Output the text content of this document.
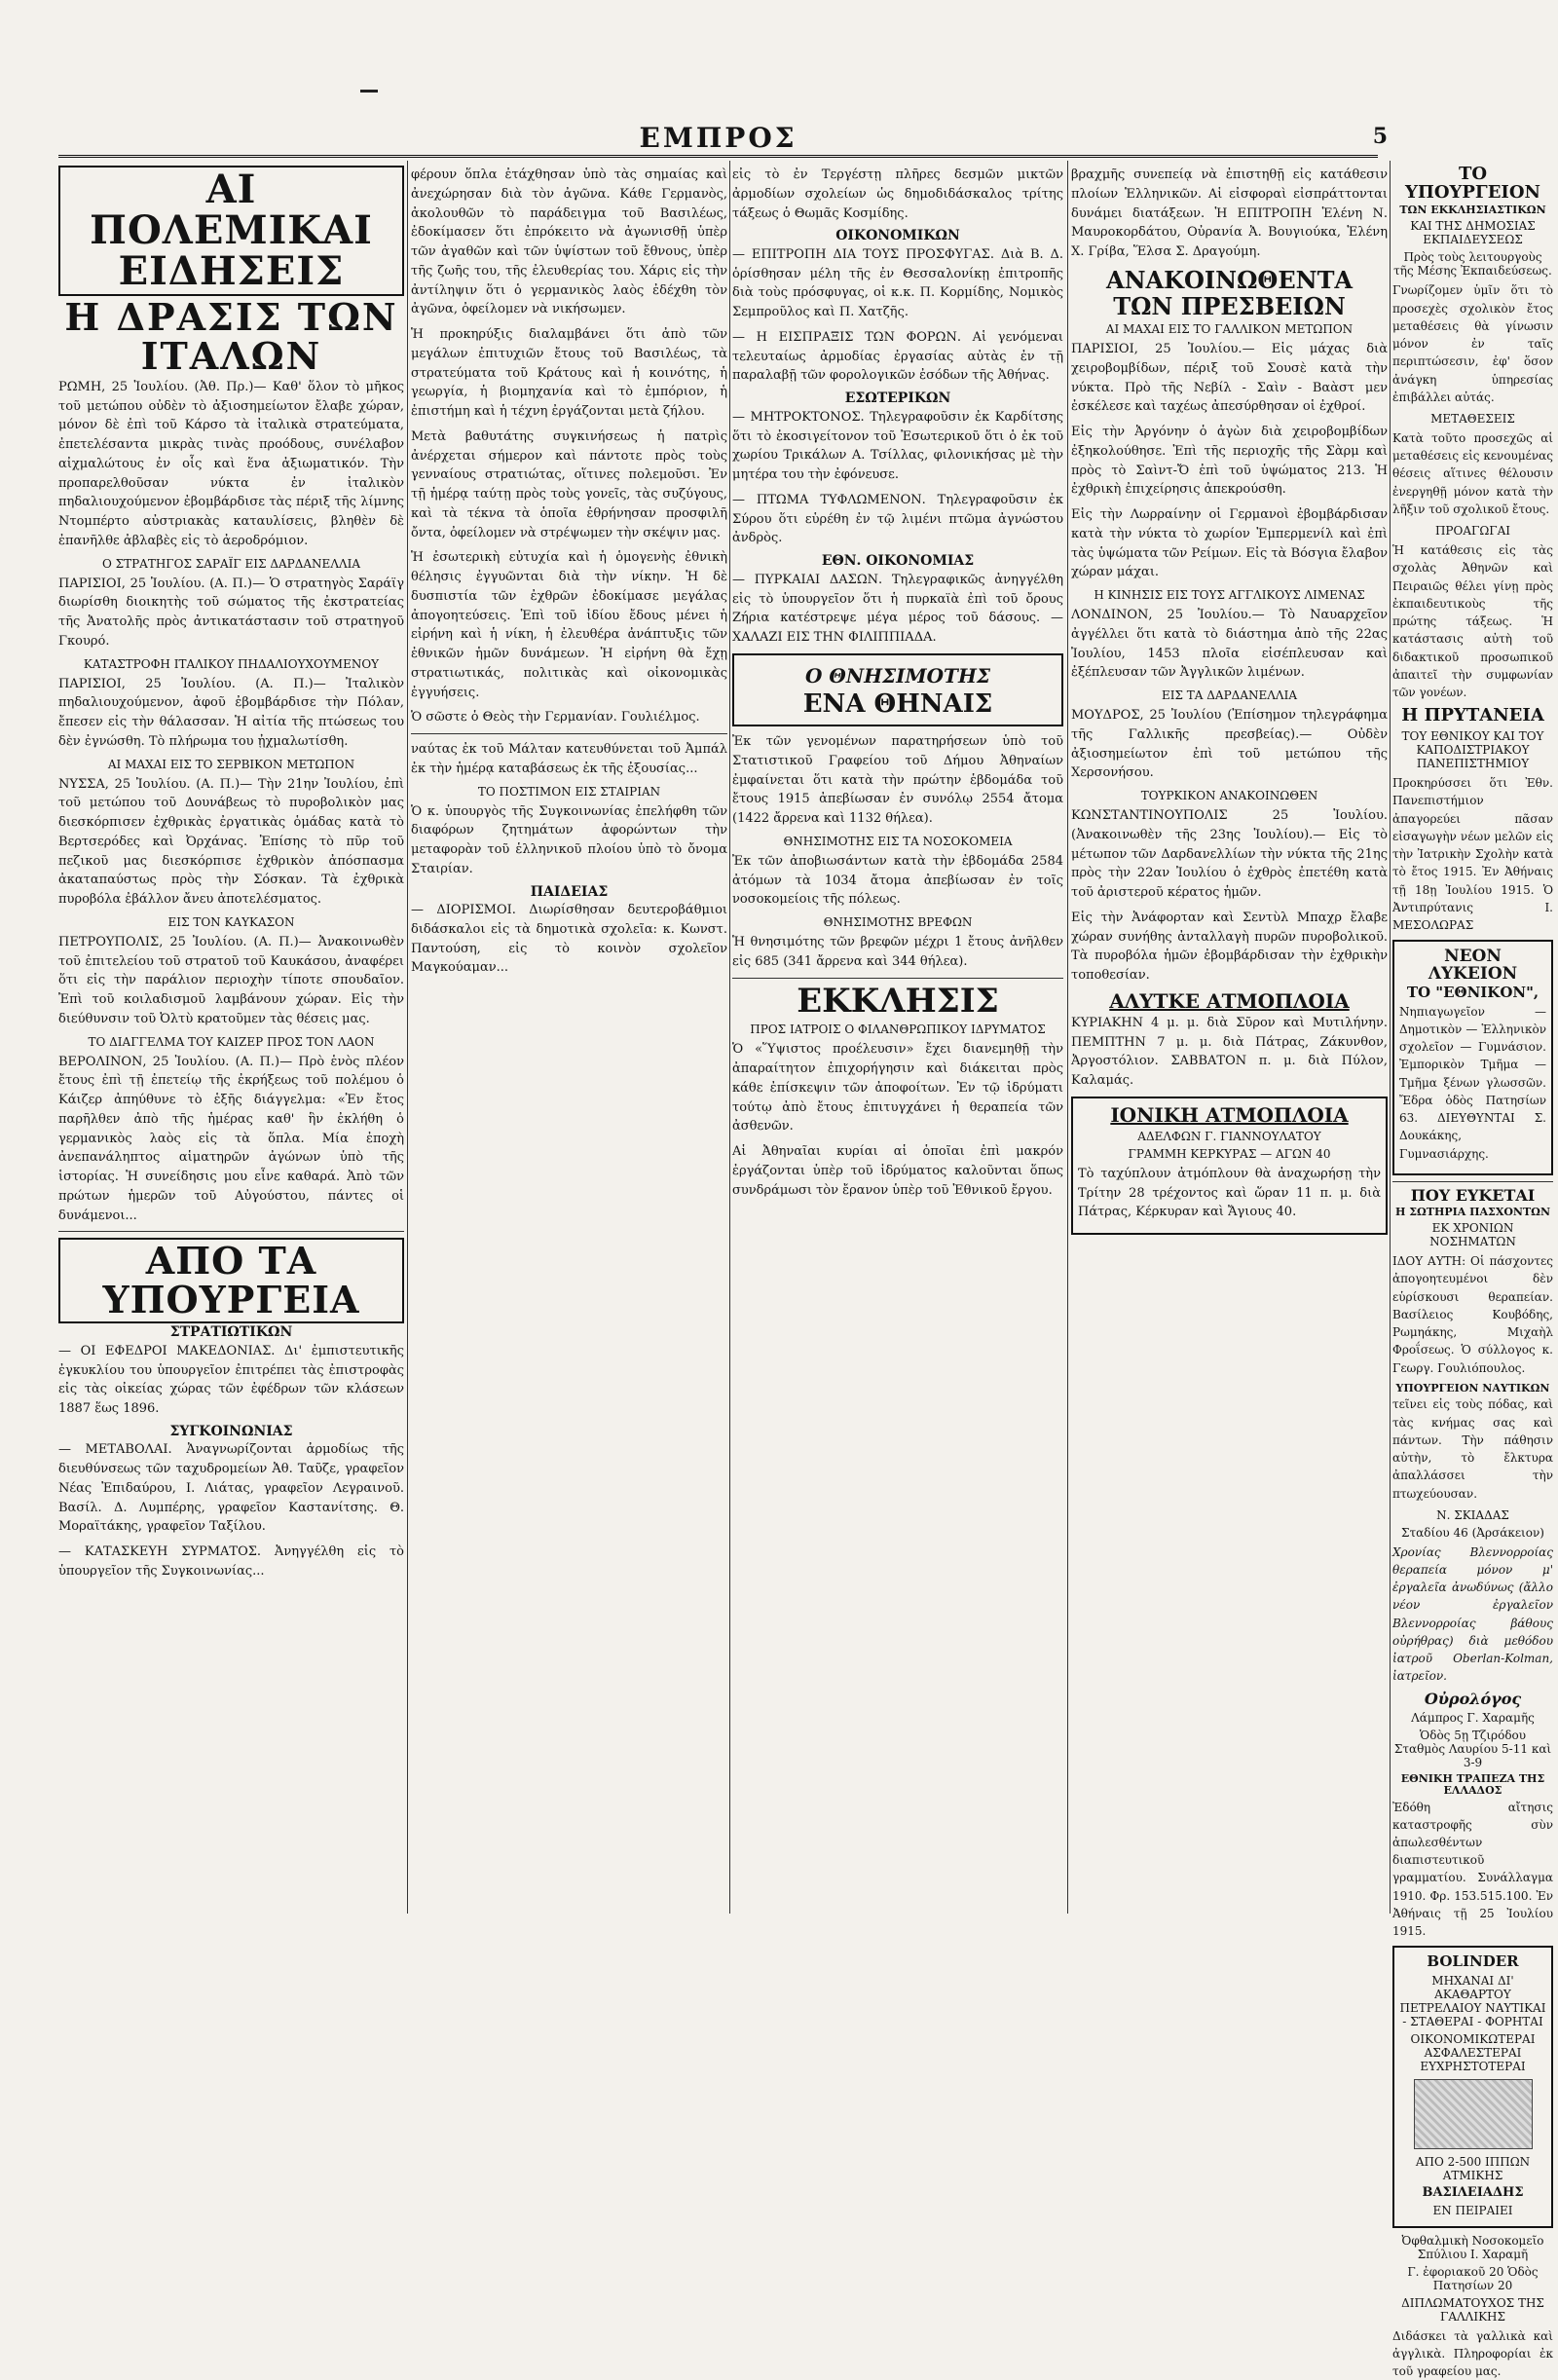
ΕΜΠΡΟΣ	5
ΑΙ ΠΟΛΕΜΙΚΑΙ ΕΙΔΗΣΕΙΣ
Η ΔΡΑΣΙΣ ΤΩΝ ΙΤΑΛΩΝ
ΡΩΜΗ, 25 Ἰουλίου. (Ἀθ. Πρ.)— Καθ' ὅλον τὸ μῆκος τοῦ μετώπου οὐδὲν τὸ ἀξιοσημείωτον ἔλαβε χώραν, μόνον δὲ ἐπὶ τοῦ Κάρσο τὰ ἰταλικὰ στρατεύματα, ἐπετελέσαντα μικρὰς τινὰς προόδους, συνέλαβον αἰχμαλώτους ἐν οἷς καὶ ἕνα ἀξιωματικόν. Τὴν προπαρελθοῦσαν νύκτα ἐν ἰταλικὸν πηδαλιουχούμενον ἐβομβάρδισε τὰς πέριξ τῆς λίμνης Ντομπέρτο αὐστριακὰς καταυλίσεις, βληθὲν δὲ ἐπανῆλθε ἀβλαβὲς εἰς τὸ ἀεροδρόμιον.
Ο ΣΤΡΑΤΗΓΟΣ ΣΑΡΑΪΓ ΕΙΣ ΔΑΡΔΑΝΕΛΛΙΑ
ΠΑΡΙΣΙΟΙ, 25 Ἰουλίου. (Α. Π.)— Ὁ στρατηγὸς Σαράϊγ διωρίσθη διοικητὴς τοῦ σώματος τῆς ἐκστρατείας τῆς Ἀνατολῆς πρὸς ἀντικατάστασιν τοῦ στρατηγοῦ Γκουρό.
ΚΑΤΑΣΤΡΟΦΗ ΙΤΑΛΙΚΟΥ ΠΗΔΑΛΙΟΥΧΟΥΜΕΝΟΥ
ΠΑΡΙΣΙΟΙ, 25 Ἰουλίου. (Α. Π.)— Ἰταλικὸν πηδαλιουχούμενον, ἀφοῦ ἐβομβάρδισε τὴν Πόλαν, ἔπεσεν εἰς τὴν θάλασσαν. Ἡ αἰτία τῆς πτώσεως του δὲν ἐγνώσθη. Τὸ πλήρωμα του ᾐχμαλωτίσθη.
ΑΙ ΜΑΧΑΙ ΕΙΣ ΤΟ ΣΕΡΒΙΚΟΝ ΜΕΤΩΠΟΝ
ΝΥΣΣΑ, 25 Ἰουλίου. (Α. Π.)— Τὴν 21ην Ἰουλίου, ἐπὶ τοῦ μετώπου τοῦ Δουνάβεως τὸ πυροβολικὸν μας διεσκόρπισεν ἐχθρικὰς ἐργατικὰς ὁμάδας κατὰ τὸ Βερτσερόδες καὶ Ὀρχάνας. Ἐπίσης τὸ πῦρ τοῦ πεζικοῦ μας διεσκόρπισε ἐχθρικὸν ἀπόσπασμα ἀκαταπαύστως πρὸς τὴν Σόσκαν. Τὰ ἐχθρικὰ πυροβόλα ἐβάλλον ἄνευ ἀποτελέσματος.
ΕΙΣ ΤΟΝ ΚΑΥΚΑΣΟΝ
ΠΕΤΡΟΥΠΟΛΙΣ, 25 Ἰουλίου. (Α. Π.)— Ἀνακοινωθὲν τοῦ ἐπιτελείου τοῦ στρατοῦ τοῦ Καυκάσου, ἀναφέρει ὅτι εἰς τὴν παράλιον περιοχὴν τίποτε σπουδαῖον. Ἐπὶ τοῦ κοιλαδισμοῦ λαμβάνουν χώραν. Εἰς τὴν διεύθυνσιν τοῦ Ὀλτὺ κρατοῦμεν τὰς θέσεις μας.
ΤΟ ΔΙΑΓΓΕΛΜΑ ΤΟΥ ΚΑΙΖΕΡ ΠΡΟΣ ΤΟΝ ΛΑΟΝ
ΒΕΡΟΛΙΝΟΝ, 25 Ἰουλίου. (Α. Π.)— Πρὸ ἑνὸς πλέον ἔτους ἐπὶ τῇ ἐπετείῳ τῆς ἐκρήξεως τοῦ πολέμου ὁ Κάιζερ ἀπηύθυνε τὸ ἑξῆς διάγγελμα: «Ἐν ἔτος παρῆλθεν ἀπὸ τῆς ἡμέρας καθ' ἣν ἐκλήθη ὁ γερμανικὸς λαὸς εἰς τὰ ὅπλα. Μία ἐποχὴ ἀνεπανάληπτος αἱματηρῶν ἀγώνων ὑπὸ τῆς ἱστορίας. Ἡ συνείδησις μου εἶνε καθαρά. Ἀπὸ τῶν πρώτων ἡμερῶν τοῦ Αὐγούστου, πάντες οἱ δυνάμενοι...
ΑΠΟ ΤΑ ΥΠΟΥΡΓΕΙΑ
ΣΤΡΑΤΙΩΤΙΚΩΝ
— ΟΙ ΕΦΕΔΡΟΙ ΜΑΚΕΔΟΝΙΑΣ. Δι' ἐμπιστευτικῆς ἐγκυκλίου του ὑπουργεῖον ἐπιτρέπει τὰς ἐπιστροφὰς εἰς τὰς οἰκείας χώρας τῶν ἐφέδρων τῶν κλάσεων 1887 ἕως 1896.
ΣΥΓΚΟΙΝΩΝΙΑΣ
— ΜΕΤΑΒΟΛΑΙ. Ἀναγνωρίζονται ἀρμοδίως τῆς διευθύνσεως τῶν ταχυδρομείων Ἀθ. Ταῦζε, γραφεῖον Νέας Ἐπιδαύρου, Ι. Λιάτας, γραφεῖον Λεγραινοῦ. Βασίλ. Δ. Λυμπέρης, γραφεῖον Καστανίτσης. Θ. Μοραϊτάκης, γραφεῖον Ταξίλου.
— ΚΑΤΑΣΚΕΥΗ ΣΥΡΜΑΤΟΣ. Ἀνηγγέλθη εἰς τὸ ὑπουργεῖον τῆς Συγκοινωνίας...
φέρουν ὅπλα ἐτάχθησαν ὑπὸ τὰς σημαίας καὶ ἀνεχώρησαν διὰ τὸν ἀγῶνα. Κάθε Γερμανὸς, ἀκολουθῶν τὸ παράδειγμα τοῦ Βασιλέως, ἐδοκίμασεν ὅτι ἐπρόκειτο νὰ ἀγωνισθῇ ὑπὲρ τῶν ἀγαθῶν καὶ τῶν ὑψίστων τοῦ ἔθνους, ὑπὲρ τῆς ζωῆς του, τῆς ἐλευθερίας του. Χάρις εἰς τὴν ἀντίληψιν ὅτι ὁ γερμανικὸς λαὸς ἐδέχθη τὸν ἀγῶνα, ὀφείλομεν νὰ νικήσωμεν.
Ἡ προκηρύξις διαλαμβάνει ὅτι ἀπὸ τῶν μεγάλων ἐπιτυχιῶν ἔτους τοῦ Βασιλέως, τὰ στρατεύματα τοῦ Κράτους καὶ ἡ κοινότης, ἡ γεωργία, ἡ βιομηχανία καὶ τὸ ἐμπόριον, ἡ ἐπιστήμη καὶ ἡ τέχνη ἐργάζονται μετὰ ζήλου.
Μετὰ βαθυτάτης συγκινήσεως ἡ πατρὶς ἀνέρχεται σήμερον καὶ πάντοτε πρὸς τοὺς γενναίους στρατιώτας, οἵτινες πολεμοῦσι. Ἐν τῇ ἡμέρᾳ ταύτῃ πρὸς τοὺς γονεῖς, τὰς συζύγους, καὶ τὰ τέκνα τὰ ὁποῖα ἐθρήνησαν προσφιλῆ ὄντα, ὀφείλομεν νὰ στρέψωμεν τὴν σκέψιν μας.
Ἡ ἐσωτερικὴ εὐτυχία καὶ ἡ ὁμογενὴς ἐθνικὴ θέλησις ἐγγυῶνται διὰ τὴν νίκην. Ἡ δὲ δυσπιστία τῶν ἐχθρῶν ἐδοκίμασε μεγάλας ἀπογοητεύσεις. Ἐπὶ τοῦ ἰδίου ἔδους μένει ἡ εἰρήνη καὶ ἡ νίκη, ἡ ἐλευθέρα ἀνάπτυξις τῶν ἐθνικῶν ἡμῶν δυνάμεων. Ἡ εἰρήνη θὰ ἔχῃ στρατιωτικάς, πολιτικὰς καὶ οἰκονομικὰς ἐγγυήσεις.
Ὁ σῶστε ὁ Θεὸς τὴν Γερμανίαν. Γουλιέλμος.
ναύτας ἐκ τοῦ Μάλταν κατευθύνεται τοῦ Ἀμπάλ ἐκ τὴν ἡμέρᾳ καταβάσεως ἐκ τῆς ἐξουσίας...
ΤΟ ΠΟΣΤΙΜΟΝ ΕΙΣ ΣΤΑΙΡΙΑΝ
Ὁ κ. ὑπουργὸς τῆς Συγκοινωνίας ἐπελήφθη τῶν διαφόρων ζητημάτων ἀφορώντων τὴν μεταφορὰν τοῦ ἑλληνικοῦ πλοίου ὑπὸ τὸ ὄνομα Σταιρίαν.
ΠΑΙΔΕΙΑΣ
— ΔΙΟΡΙΣΜΟΙ. Διωρίσθησαν δευτεροβάθμιοι διδάσκαλοι εἰς τὰ δημοτικὰ σχολεῖα: κ. Κωνστ. Παντούση, εἰς τὸ κοινὸν σχολεῖον Μαγκούαμαν...
εἰς τὸ ἐν Τεργέστῃ πλῆρες δεσμῶν μικτῶν ἀρμοδίων σχολείων ὡς δημοδιδάσκαλος τρίτης τάξεως ὁ Θωμᾶς Κοσμίδης.
ΟΙΚΟΝΟΜΙΚΩΝ
— ΕΠΙΤΡΟΠΗ ΔΙΑ ΤΟΥΣ ΠΡΟΣΦΥΓΑΣ. Διὰ Β. Δ. ὁρίσθησαν μέλη τῆς ἐν Θεσσαλονίκῃ ἐπιτροπῆς διὰ τοὺς πρόσφυγας, οἱ κ.κ. Π. Κορμίδης, Νομικὸς Σεμπροῦλος καὶ Π. Χατζῆς.
— Η ΕΙΣΠΡΑΞΙΣ ΤΩΝ ΦΟΡΩΝ. Αἱ γενόμεναι τελευταίως ἀρμοδίας ἐργασίας αὐτὰς ἐν τῇ παραλαβῇ τῶν φορολογικῶν ἐσόδων τῆς Ἀθήνας.
ΕΣΩΤΕΡΙΚΩΝ
— ΜΗΤΡΟΚΤΟΝΟΣ. Τηλεγραφοῦσιν ἐκ Καρδίτσης ὅτι τὸ ἐκοσιγείτονον τοῦ Ἐσωτερικοῦ ὅτι ὁ ἐκ τοῦ χωρίου Τρικάλων Α. Τσίλλας, φιλονικήσας μὲ τὴν μητέρα του τὴν ἐφόνευσε.
— ΠΤΩΜΑ ΤΥΦΛΩΜΕΝΟΝ. Τηλεγραφοῦσιν ἐκ Σύρου ὅτι εὑρέθη ἐν τῷ λιμένι πτῶμα ἀγνώστου ἀνδρὸς.
ΕΘΝ. ΟΙΚΟΝΟΜΙΑΣ
— ΠΥΡΚΑΙΑΙ ΔΑΣΩΝ. Τηλεγραφικῶς ἀνηγγέλθη εἰς τὸ ὑπουργεῖον ὅτι ἡ πυρκαϊὰ ἐπὶ τοῦ ὄρους Ζήρια κατέστρεψε μέγα μέρος τοῦ δάσους. — ΧΑΛΑΖΙ ΕΙΣ ΤΗΝ ΦΙΛΙΠΠΙΑΔΑ.
Ο ΘΝΗΣΙΜΟΤΗΣ
ΕΝΑ ΘΗΝΑΙΣ
Ἐκ τῶν γενομένων παρατηρήσεων ὑπὸ τοῦ Στατιστικοῦ Γραφείου τοῦ Δήμου Ἀθηναίων ἐμφαίνεται ὅτι κατὰ τὴν πρώτην ἑβδομάδα τοῦ ἔτους 1915 ἀπεβίωσαν ἐν συνόλῳ 2554 ἄτομα (1422 ἄρρενα καὶ 1132 θήλεα).
ΘΝΗΣΙΜΟΤΗΣ ΕΙΣ ΤΑ ΝΟΣΟΚΟΜΕΙΑ
Ἐκ τῶν ἀποβιωσάντων κατὰ τὴν ἐβδομάδα 2584 ἀτόμων τὰ 1034 ἄτομα ἀπεβίωσαν ἐν τοῖς νοσοκομείοις τῆς πόλεως.
ΘΝΗΣΙΜΟΤΗΣ ΒΡΕΦΩΝ
Ἡ θνησιμότης τῶν βρεφῶν μέχρι 1 ἔτους ἀνῆλθεν εἰς 685 (341 ἄρρενα καὶ 344 θήλεα).
ΕΚΚΛΗΣΙΣ
ΠΡΟΣ ΙΑΤΡΟΙΣ Ο ΦΙΛΑΝΘΡΩΠΙΚΟΥ ΙΔΡΥΜΑΤΟΣ
Ὁ «Ὕψιστος προέλευσιν» ἔχει διανεμηθῇ τὴν ἀπαραίτητον ἐπιχορήγησιν καὶ διάκειται πρὸς κάθε ἐπίσκεψιν τῶν ἀποφοίτων. Ἐν τῷ ἱδρύματι τούτῳ ἀπὸ ἔτους ἐπιτυγχάνει ἡ θεραπεία τῶν ἀσθενῶν.
Αἱ Ἀθηναῖαι κυρίαι αἱ ὁποῖαι ἐπὶ μακρόν ἐργάζονται ὑπὲρ τοῦ ἱδρύματος καλοῦνται ὅπως συνδράμωσι τὸν ἔρανον ὑπὲρ τοῦ Ἐθνικοῦ ἔργου.
βραχμῆς συνεπείᾳ νὰ ἐπιστηθῇ εἰς κατάθεσιν πλοίων Ἑλληνικῶν. Αἱ εἰσφοραὶ εἰσπράττονται δυνάμει διατάξεων. Ἡ ΕΠΙΤΡΟΠΗ Ἑλένη Ν. Μαυροκορδάτου, Οὐρανία Ἀ. Βουγιούκα, Ἑλένη Χ. Γρίβα, Ἕλσα Σ. Δραγούμη.
ΑΝΑΚΟΙΝΩΘΕΝΤΑ
ΤΩΝ ΠΡΕΣΒΕΙΩΝ
ΑΙ ΜΑΧΑΙ ΕΙΣ ΤΟ ΓΑΛΛΙΚΟΝ ΜΕΤΩΠΟΝ
ΠΑΡΙΣΙΟΙ, 25 Ἰουλίου.— Εἰς μάχας διὰ χειροβομβίδων, πέριξ τοῦ Σουσὲ κατὰ τὴν νύκτα. Πρὸ τῆς Νεβίλ - Σαὶν - Βαὰστ μεν ἐσκέλεσε καὶ ταχέως ἀπεσύρθησαν οἱ ἐχθροί.
Εἰς τὴν Ἀργόνην ὁ ἀγὼν διὰ χειροβομβίδων ἐξηκολούθησε. Ἐπὶ τῆς περιοχῆς τῆς Σὰρμ καὶ πρὸς τὸ Σαὶντ-Ὄ ἐπὶ τοῦ ὑψώματος 213. Ἡ ἐχθρικὴ ἐπιχείρησις ἀπεκρούσθη.
Εἰς τὴν Λωρραίνην οἱ Γερμανοὶ ἐβομβάρδισαν κατὰ τὴν νύκτα τὸ χωρίον Ἐμπερμενίλ καὶ ἐπὶ τὰς ὑψώματα τῶν Ρείμων. Εἰς τὰ Βόσγια ἔλαβον χώραν μάχαι.
Η ΚΙΝΗΣΙΣ ΕΙΣ ΤΟΥΣ ΑΓΓΛΙΚΟΥΣ ΛΙΜΕΝΑΣ
ΛΟΝΔΙΝΟΝ, 25 Ἰουλίου.— Τὸ Ναυαρχεῖον ἀγγέλλει ὅτι κατὰ τὸ διάστημα ἀπὸ τῆς 22ας Ἰουλίου, 1453 πλοῖα εἰσέπλευσαν καὶ ἐξέπλευσαν τῶν Ἀγγλικῶν λιμένων.
ΕΙΣ ΤΑ ΔΑΡΔΑΝΕΛΛΙΑ
ΜΟΥΔΡΟΣ, 25 Ἰουλίου (Ἐπίσημον τηλεγράφημα τῆς Γαλλικῆς πρεσβείας).— Οὐδὲν ἀξιοσημείωτον ἐπὶ τοῦ μετώπου τῆς Χερσονήσου.
ΤΟΥΡΚΙΚΟΝ ΑΝΑΚΟΙΝΩΘΕΝ
ΚΩΝΣΤΑΝΤΙΝΟΥΠΟΛΙΣ 25 Ἰουλίου. (Ἀνακοινωθὲν τῆς 23ης Ἰουλίου).— Εἰς τὸ μέτωπον τῶν Δαρδανελλίων τὴν νύκτα τῆς 21ης πρὸς τὴν 22αν Ἰουλίου ὁ ἐχθρὸς ἐπετέθη κατὰ τοῦ ἀριστεροῦ κέρατος ἡμῶν.
Εἰς τὴν Ἀνάφορταν καὶ Σεντὺλ Μπαχρ ἔλαβε χώραν συνήθης ἀνταλλαγὴ πυρῶν πυροβολικοῦ. Τὰ πυροβόλα ἡμῶν ἐβομβάρδισαν τὴν ἐχθρικὴν τοποθεσίαν.
ΑΛΥΤΚΕ ΑΤΜΟΠΛΟΙΑ
ΚΥΡΙΑΚΗΝ 4 μ. μ. διὰ Σῦρον καὶ Μυτιλήνην. ΠΕΜΠΤΗΝ 7 μ. μ. διὰ Πάτρας, Ζάκυνθον, Ἀργοστόλιον. ΣΑΒΒΑΤΟΝ π. μ. διὰ Πύλον, Καλαμάς.
ΙΟΝΙΚΗ ΑΤΜΟΠΛΟΙΑ
ΑΔΕΛΦΩΝ Γ. ΓΙΑΝΝΟΥΛΑΤΟΥ
ΓΡΑΜΜΗ ΚΕΡΚΥΡΑΣ — ΑΓΩΝ 40
Τὸ ταχύπλουν ἀτμόπλουν θὰ ἀναχωρήσῃ τὴν Τρίτην 28 τρέχοντος καὶ ὥραν 11 π. μ. διὰ Πάτρας, Κέρκυραν καὶ Ἄγιους 40.
ΤΟ ΥΠΟΥΡΓΕΙΟΝ
ΤΩΝ ΕΚΚΛΗΣΙΑΣΤΙΚΩΝ
ΚΑΙ ΤΗΣ ΔΗΜΟΣΙΑΣ ΕΚΠΑΙΔΕΥΣΕΩΣ
Πρὸς τοὺς λειτουργοὺς τῆς Μέσης Ἐκπαιδεύσεως.
Γνωρίζομεν ὑμῖν ὅτι τὸ προσεχὲς σχολικὸν ἔτος μεταθέσεις θὰ γίνωσιν μόνον ἐν ταῖς περιπτώσεσιν, ἐφ' ὅσον ἀνάγκη ὑπηρεσίας ἐπιβάλλει αὐτάς.
ΜΕΤΑΘΕΣΕΙΣ
Κατὰ τοῦτο προσεχῶς αἱ μεταθέσεις εἰς κενουμένας θέσεις αἵτινες θέλουσιν ἐνεργηθῇ μόνον κατὰ τὴν λῆξιν τοῦ σχολικοῦ ἔτους.
ΠΡΟΑΓΩΓΑΙ
Ἡ κατάθεσις εἰς τὰς σχολὰς Ἀθηνῶν καὶ Πειραιῶς θέλει γίνῃ πρὸς ἐκπαιδευτικοὺς τῆς πρώτης τάξεως. Ἡ κατάστασις αὐτὴ τοῦ διδακτικοῦ προσωπικοῦ ἀπαιτεῖ τὴν συμφωνίαν τῶν γονέων.
Η ΠΡΥΤΑΝΕΙΑ
ΤΟΥ ΕΘΝΙΚΟΥ ΚΑΙ ΤΟΥ ΚΑΠΟΔΙΣΤΡΙΑΚΟΥ ΠΑΝΕΠΙΣΤΗΜΙΟΥ
Προκηρύσσει ὅτι Ἐθν. Πανεπιστήμιον ἀπαγορεύει πᾶσαν εἰσαγωγὴν νέων μελῶν εἰς τὴν Ἰατρικὴν Σχολὴν κατὰ τὸ ἔτος 1915. Ἐν Ἀθήναις τῇ 18ῃ Ἰουλίου 1915. Ὁ Ἀντιπρύτανις Ι. ΜΕΣΟΛΩΡΑΣ
ΝΕΟΝ ΛΥΚΕΙΟΝ
ΤΟ "ΕΘΝΙΚΟΝ",
Νηπιαγωγεῖον — Δημοτικὸν — Ἑλληνικὸν σχολεῖον — Γυμνάσιον. Ἐμπορικὸν Τμῆμα — Τμῆμα ξένων γλωσσῶν. Ἔδρα ὁδὸς Πατησίων 63. ΔΙΕΥΘΥΝΤΑΙ Σ. Δουκάκης, Γυμνασιάρχης.
ΠΟΥ ΕΥΚΕΤΑΙ
Η ΣΩΤΗΡΙΑ ΠΑΣΧΟΝΤΩΝ
ΕΚ ΧΡΟΝΙΩΝ ΝΟΣΗΜΑΤΩΝ
ΙΔΟΥ ΑΥΤΗ: Οἱ πάσχοντες ἀπογοητευμένοι δὲν εὑρίσκουσι θεραπείαν. Βασίλειος Κουβόδης, Ρωμηάκης, Μιχαὴλ Φροΐσεως. Ὁ σύλλογος κ. Γεωργ. Γουλιόπουλος.
ΥΠΟΥΡΓΕΙΟΝ ΝΑΥΤΙΚΩΝ
τεῖνει εἰς τοὺς πόδας, καὶ τὰς κνήμας σας καὶ πάντων. Τὴν πάθησιν αὐτὴν, τὸ ἔλκτυρα ἀπαλλάσσει τὴν πτωχεύουσαν.
Ν. ΣΚΙΑΔΑΣ
Σταδίου 46 (Ἀρσάκειον)
Χρονίας Βλεννορροίας θεραπεία μόνον μ' ἐργαλεῖα ἀνωδύνως (ἄλλο νέον ἐργαλεῖον Βλεννορροίας βάθους οὐρήθρας) διὰ μεθόδου ἰατροῦ Oberlan-Kolman, ἰατρεῖον.
Οὐρολόγος
Λάμπρος Γ. Χαραμῆς
Ὁδὸς 5ῃ Τζιρόδου Σταθμὸς Λαυρίου 5-11 καὶ 3-9
ΕΘΝΙΚΗ ΤΡΑΠΕΖΑ ΤΗΣ ΕΛΛΑΔΟΣ
Ἐδόθη αἴτησις καταστροφῆς σὺν ἀπωλεσθέντων διαπιστευτικοῦ γραμματίου. Συνάλλαγμα 1910. Φρ. 153.515.100. Ἐν Ἀθήναις τῇ 25 Ἰουλίου 1915.
BOLINDER
ΜΗΧΑΝΑΙ ΔΙ' ΑΚΑΘΑΡΤΟΥ ΠΕΤΡΕΛΑΙΟΥ ΝΑΥΤΙΚΑΙ - ΣΤΑΘΕΡΑΙ - ΦΟΡΗΤΑΙ
ΟΙΚΟΝΟΜΙΚΩΤΕΡΑΙ ΑΣΦΑΛΕΣΤΕΡΑΙ ΕΥΧΡΗΣΤΟΤΕΡΑΙ
ΑΠΟ 2-500 ΙΠΠΩΝ ΑΤΜΙΚΗΣ
ΒΑΣΙΛΕΙΑΔΗΣ
ΕΝ ΠΕΙΡΑΙΕΙ
Ὀφθαλμικὴ Νοσοκομεῖο Σπύλιου Ι. Χαραμῆ
Γ. ἐφοριακοῦ 20 Ὁδὸς Πατησίων 20
ΔΙΠΛΩΜΑΤΟΥΧΟΣ ΤΗΣ ΓΑΛΛΙΚΗΣ
Διδάσκει τὰ γαλλικὰ καὶ ἀγγλικὰ. Πληροφορίαι ἐκ τοῦ γραφείου μας.
